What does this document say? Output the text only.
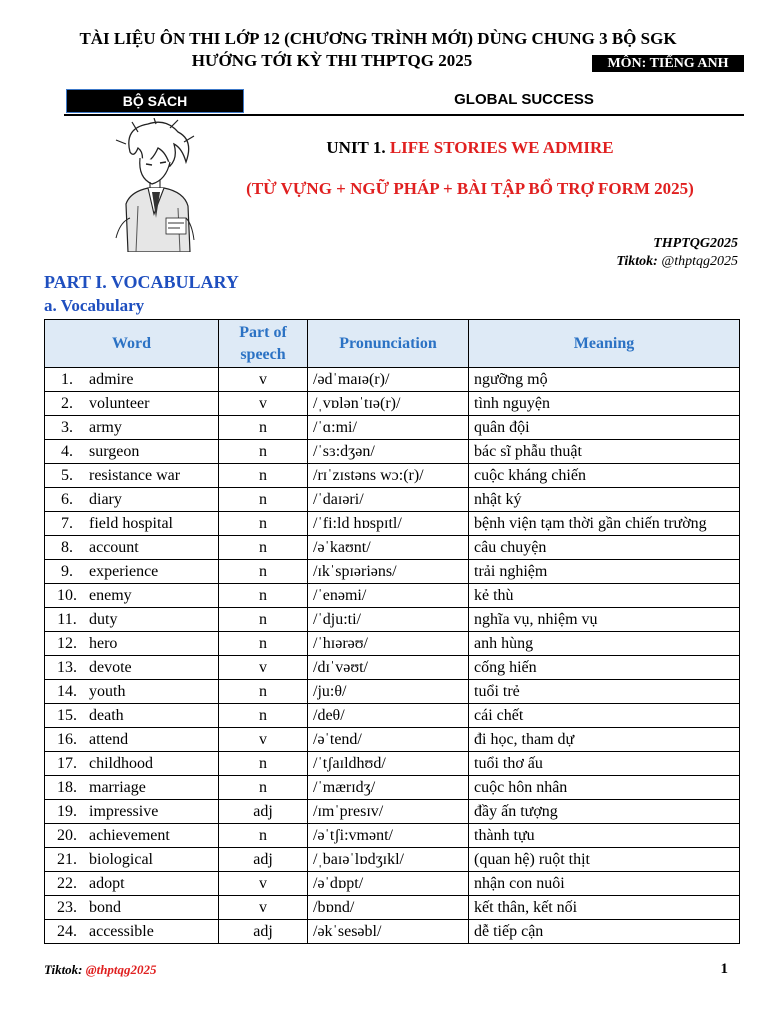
TÀI LIỆU ÔN THI LỚP 12 (CHƯƠNG TRÌNH MỚI) DÙNG CHUNG 3 BỘ SGK
HƯỚNG TỚI KỲ THI THPTQG 2025	MÔN: TIẾNG ANH
BỘ SÁCH	GLOBAL SUCCESS
UNIT 1. LIFE STORIES WE ADMIRE
(TỪ VỰNG + NGỮ PHÁP + BÀI TẬP BỔ TRỢ FORM 2025)
THPTQG2025
Tiktok: @thptqg2025
PART I. VOCABULARY
a. Vocabulary
Word	Part of speech	Pronunciation	Meaning
1. admire	v	/ədˈmaɪə(r)/	ngưỡng mộ
2. volunteer	v	/ˌvɒlənˈtɪə(r)/	tình nguyện
3. army	n	/ˈɑ:mi/	quân đội
4. surgeon	n	/ˈsɜ:dʒən/	bác sĩ phẫu thuật
5. resistance war	n	/rɪˈzɪstəns wɔ:(r)/	cuộc kháng chiến
6. diary	n	/ˈdaɪəri/	nhật ký
7. field hospital	n	/ˈfi:ld hɒspɪtl/	bệnh viện tạm thời gần chiến trường
8. account	n	/əˈkaʊnt/	câu chuyện
9. experience	n	/ɪkˈspɪəriəns/	trải nghiệm
10. enemy	n	/ˈenəmi/	kẻ thù
11. duty	n	/ˈdju:ti/	nghĩa vụ, nhiệm vụ
12. hero	n	/ˈhɪərəʊ/	anh hùng
13. devote	v	/dɪˈvəʊt/	cống hiến
14. youth	n	/ju:θ/	tuổi trẻ
15. death	n	/deθ/	cái chết
16. attend	v	/əˈtend/	đi học, tham dự
17. childhood	n	/ˈtʃaɪldhʊd/	tuổi thơ ấu
18. marriage	n	/ˈmærɪdʒ/	cuộc hôn nhân
19. impressive	adj	/ɪmˈpresɪv/	đầy ấn tượng
20. achievement	n	/əˈtʃi:vmənt/	thành tựu
21. biological	adj	/ˌbaɪəˈlɒdʒɪkl/	(quan hệ) ruột thịt
22. adopt	v	/əˈdɒpt/	nhận con nuôi
23. bond	v	/bɒnd/	kết thân, kết nối
24. accessible	adj	/əkˈsesəbl/	dễ tiếp cận
Tiktok: @thptqg2025	1
